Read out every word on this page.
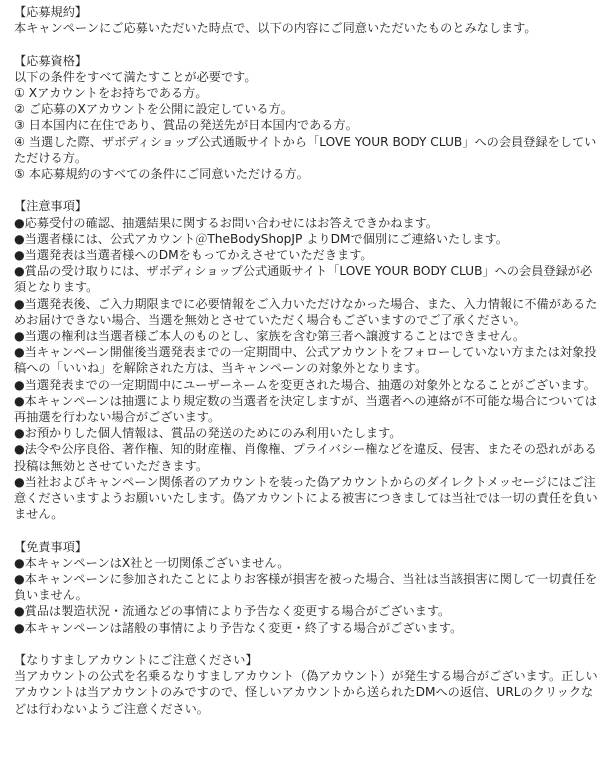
【応募規約】
本キャンペーンにご応募いただいた時点で、以下の内容にご同意いただいたものとみなします。
【応募資格】
以下の条件をすべて満たすことが必要です。
① Xアカウントをお持ちである方。
② ご応募のXアカウントを公開に設定している方。
③ 日本国内に在住であり、賞品の発送先が日本国内である方。
④ 当選した際、ザボディショップ公式通販サイトから「LOVE YOUR BODY CLUB」への会員登録をしていただける方。
⑤ 本応募規約のすべての条件にご同意いただける方。
【注意事項】
●応募受付の確認、抽選結果に関するお問い合わせにはお答えできかねます。
●当選者様には、公式アカウント＠TheBodyShopJP よりDMで個別にご連絡いたします。
●当選発表は当選者様へのDMをもってかえさせていただきます。
●賞品の受け取りには、ザボディショップ公式通販サイト「LOVE YOUR BODY CLUB」への会員登録が必須となります。
●当選発表後、ご入力期限までに必要情報をご入力いただけなかった場合、また、入力情報に不備があるためお届けできない場合、当選を無効とさせていただく場合もございますのでご了承ください。
●当選の権利は当選者様ご本人のものとし、家族を含む第三者へ譲渡することはできません。
●当キャンペーン開催後当選発表までの一定期間中、公式アカウントをフォローしていない方または対象投稿への「いいね」を解除された方は、当キャンペーンの対象外となります。
●当選発表までの一定期間中にユーザーネームを変更された場合、抽選の対象外となることがございます。
●本キャンペーンは抽選により規定数の当選者を決定しますが、当選者への連絡が不可能な場合については再抽選を行わない場合がございます。
●お預かりした個人情報は、賞品の発送のためにのみ利用いたします。
●法令や公序良俗、著作権、知的財産権、肖像権、プライバシー権などを違反、侵害、またその恐れがある投稿は無効とさせていただきます。
●当社およびキャンペーン関係者のアカウントを装った偽アカウントからのダイレクトメッセージにはご注意くださいますようお願いいたします。偽アカウントによる被害につきましては当社では一切の責任を負いません。
【免責事項】
●本キャンペーンはX社と一切関係ございません。
●本キャンペーンに参加されたことによりお客様が損害を被った場合、当社は当該損害に関して一切責任を負いません。
●賞品は製造状況・流通などの事情により予告なく変更する場合がございます。
●本キャンペーンは諸般の事情により予告なく変更・終了する場合がございます。
【なりすましアカウントにご注意ください】
当アカウントの公式を名乗るなりすましアカウント（偽アカウント）が発生する場合がございます。正しいアカウントは当アカウントのみですので、怪しいアカウントから送られたDMへの返信、URLのクリックなどは行わないようご注意ください。
